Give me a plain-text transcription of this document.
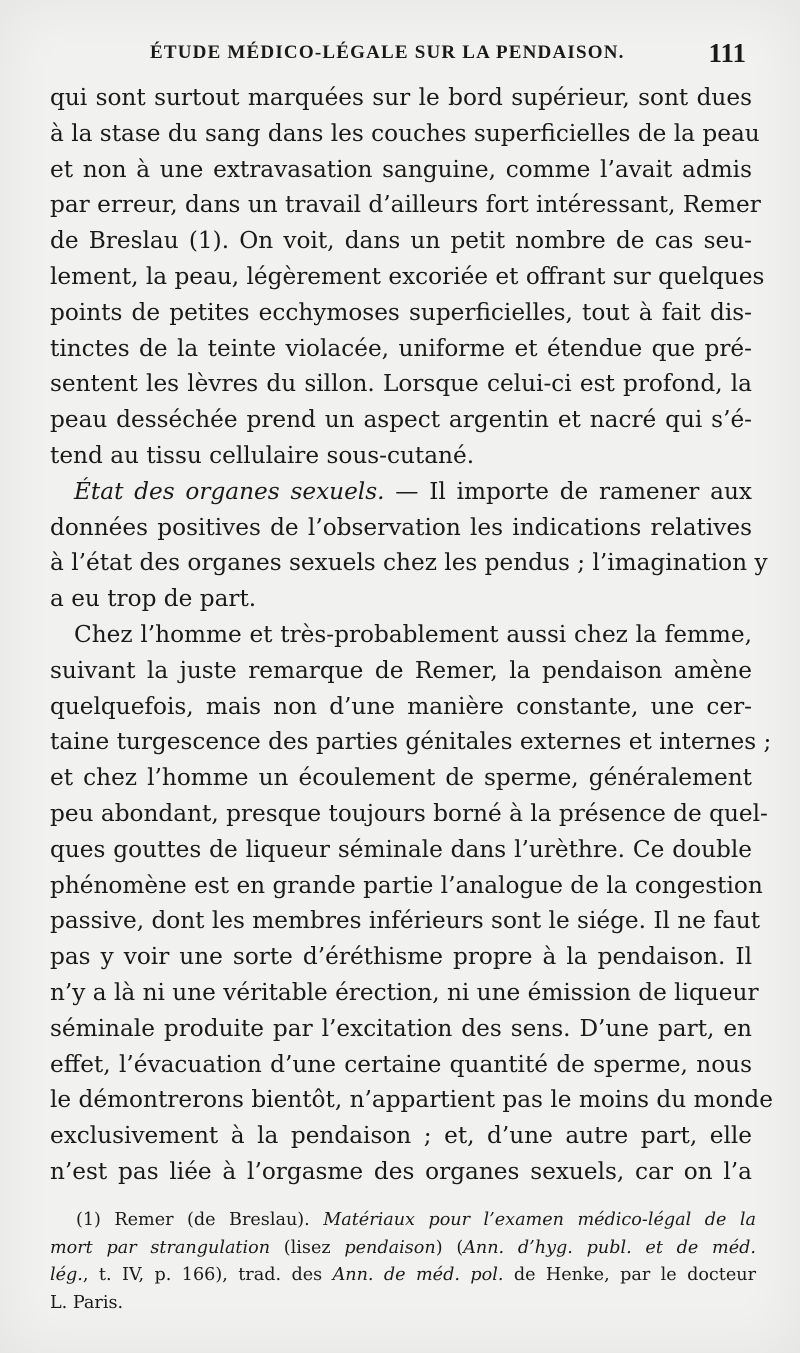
ÉTUDE MÉDICO-LÉGALE SUR LA PENDAISON.	111
qui sont surtout marquées sur le bord supérieur, sont dues
à la stase du sang dans les couches superficielles de la peau
et non à une extravasation sanguine, comme l’avait admis
par erreur, dans un travail d’ailleurs fort intéressant, Remer
de Breslau (1). On voit, dans un petit nombre de cas seu-
lement, la peau, légèrement excoriée et offrant sur quelques
points de petites ecchymoses superficielles, tout à fait dis-
tinctes de la teinte violacée, uniforme et étendue que pré-
sentent les lèvres du sillon. Lorsque celui-ci est profond, la
peau desséchée prend un aspect argentin et nacré qui s’é-
tend au tissu cellulaire sous-cutané.
État des organes sexuels. — Il importe de ramener aux
données positives de l’observation les indications relatives
à l’état des organes sexuels chez les pendus ; l’imagination y
a eu trop de part.
Chez l’homme et très-probablement aussi chez la femme,
suivant la juste remarque de Remer, la pendaison amène
quelquefois, mais non d’une manière constante, une cer-
taine turgescence des parties génitales externes et internes ;
et chez l’homme un écoulement de sperme, généralement
peu abondant, presque toujours borné à la présence de quel-
ques gouttes de liqueur séminale dans l’urèthre. Ce double
phénomène est en grande partie l’analogue de la congestion
passive, dont les membres inférieurs sont le siége. Il ne faut
pas y voir une sorte d’éréthisme propre à la pendaison. Il
n’y a là ni une véritable érection, ni une émission de liqueur
séminale produite par l’excitation des sens. D’une part, en
effet, l’évacuation d’une certaine quantité de sperme, nous
le démontrerons bientôt, n’appartient pas le moins du monde
exclusivement à la pendaison ; et, d’une autre part, elle
n’est pas liée à l’orgasme des organes sexuels, car on l’a
(1) Remer (de Breslau). Matériaux pour l’examen médico-légal de la
mort par strangulation (lisez pendaison) (Ann. d’hyg. publ. et de méd.
lég., t. IV, p. 166), trad. des Ann. de méd. pol. de Henke, par le docteur
L. Paris.
